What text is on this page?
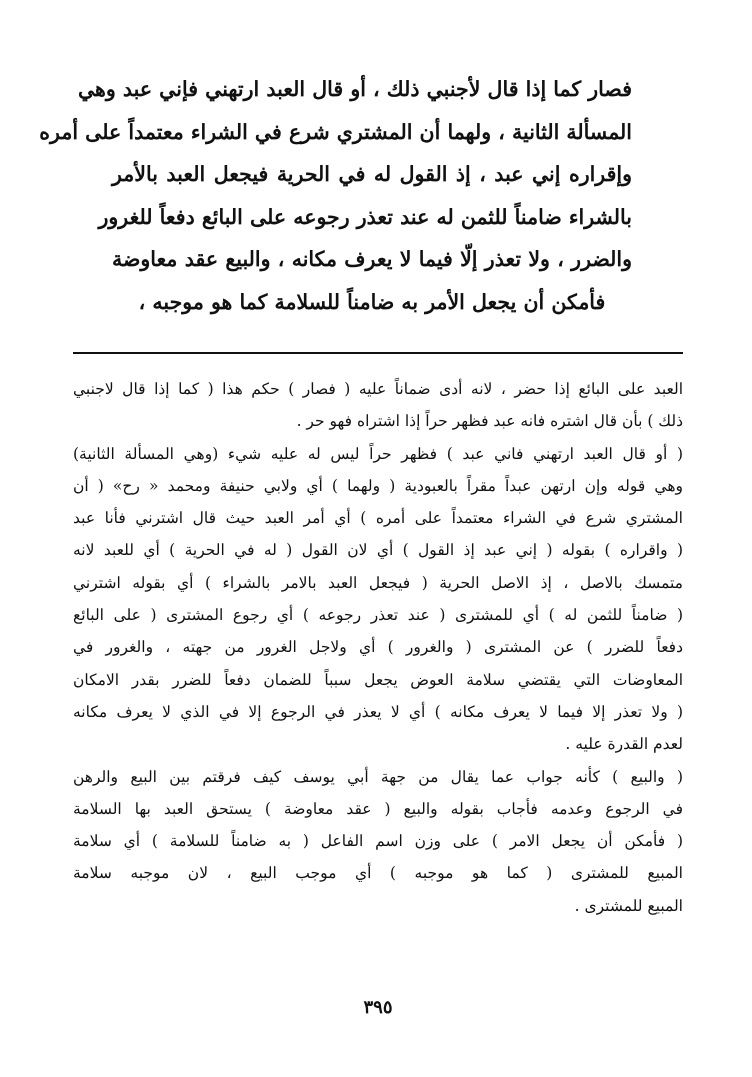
فصار كما إذا قال لأجنبي ذلك ، أو قال العبد ارتهني فإني عبد وهي
المسألة الثانية ، ولهما أن المشتري شرع في الشراء معتمداً على أمره
وإقراره إني عبد ، إذ القول له في الحرية فيجعل العبد بالأمر
بالشراء ضامناً للثمن له عند تعذر رجوعه على البائع دفعاً للغرور
والضرر ، ولا تعذر إلّا فيما لا يعرف مكانه ، والبيع عقد معاوضة
فأمكن أن يجعل الأمر به ضامناً للسلامة كما هو موجبه ،
العبد على البائع إذا حضر ، لانه أدى ضماناً عليه ( فصار ) حكم هذا ( كما إذا قال لاجنبي
ذلك ) بأن قال اشتره فانه عبد فظهر حراً إذا اشتراه فهو حر .
( أو قال العبد ارتهني فاني عبد ) فظهر حراً ليس له عليه شيء (وهي المسألة الثانية)
وهي قوله وإن ارتهن عبداً مقراً بالعبودية ( ولهما ) أي ولابي حنيفة ومحمد « رح» ( أن
المشتري شرع في الشراء معتمداً على أمره ) أي أمر العبد حيث قال اشترني فأنا عبد
( واقراره ) بقوله ( إني عبد إذ القول ) أي لان القول ( له في الحرية ) أي للعبد لانه
متمسك بالاصل ، إذ الاصل الحرية ( فيجعل العبد بالامر بالشراء ) أي بقوله اشترني
( ضامناً للثمن له ) أي للمشترى ( عند تعذر رجوعه ) أي رجوع المشترى ( على البائع
دفعاً للضرر ) عن المشترى ( والغرور ) أي ولاجل الغرور من جهته ، والغرور في
المعاوضات التي يقتضي سلامة العوض يجعل سبباً للضمان دفعاً للضرر بقدر الامكان
( ولا تعذر إلا فيما لا يعرف مكانه ) أي لا يعذر في الرجوع إلا في الذي لا يعرف مكانه
لعدم القدرة عليه .
( والبيع ) كأنه جواب عما يقال من جهة أبي يوسف كيف فرقتم بين البيع والرهن
في الرجوع وعدمه فأجاب بقوله والبيع ( عقد معاوضة ) يستحق العبد بها السلامة
( فأمكن أن يجعل الامر ) على وزن اسم الفاعل ( به ضامناً للسلامة ) أي سلامة
المبيع للمشترى ( كما هو موجبه ) أي موجب البيع ، لان موجبه سلامة
المبيع للمشترى .
٣٩٥
